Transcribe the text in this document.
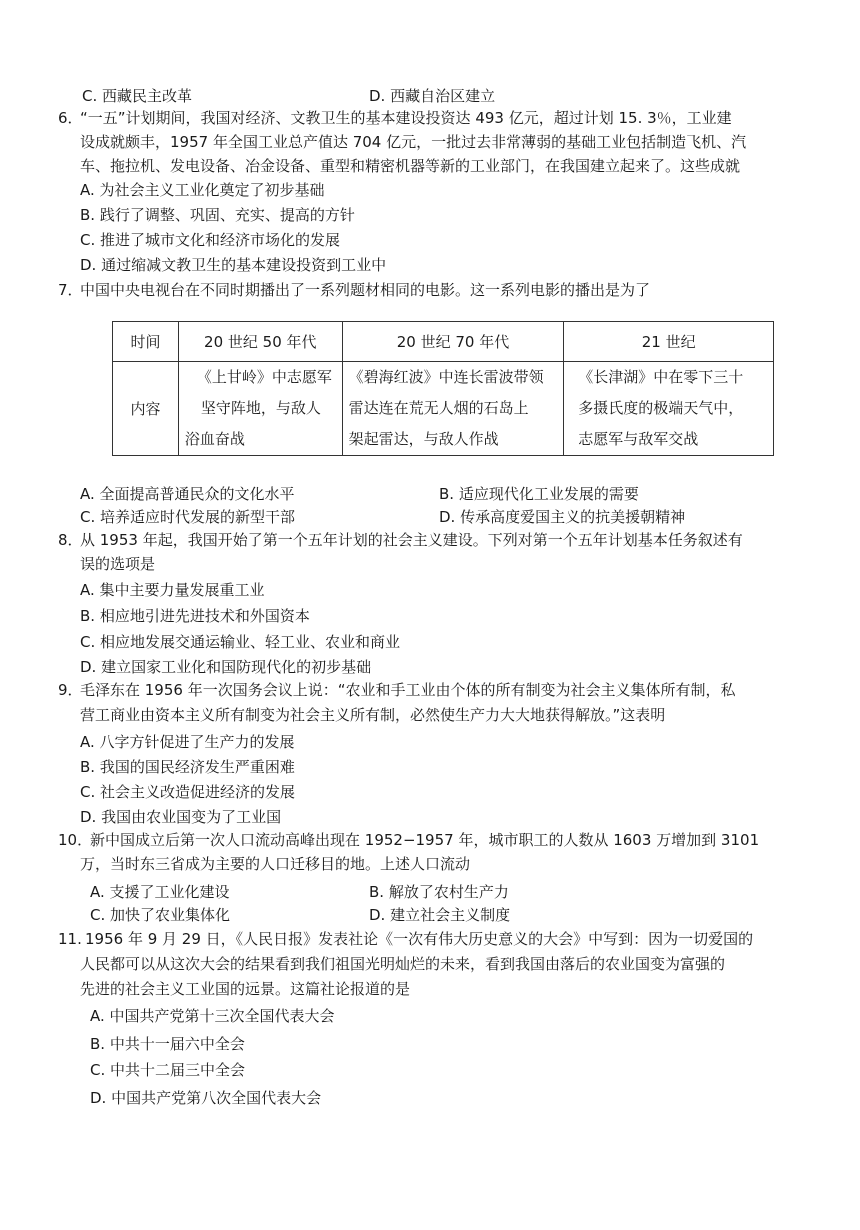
C. 西藏民主改革	D. 西藏自治区建立
6．
“一五”计划期间，我国对经济、文教卫生的基本建设投资达 493 亿元，超过计划 15. 3％，工业建
设成就颇丰，1957 年全国工业总产值达 704 亿元，一批过去非常薄弱的基础工业包括制造飞机、汽
车、拖拉机、发电设备、冶金设备、重型和精密机器等新的工业部门，在我国建立起来了。这些成就
A. 为社会主义工业化奠定了初步基础
B. 践行了调整、巩固、充实、提高的方针
C. 推进了城市文化和经济市场化的发展
D. 通过缩减文教卫生的基本建设投资到工业中
7．
中国中央电视台在不同时期播出了一系列题材相同的电影。这一系列电影的播出是为了
时间	20 世纪 50 年代	20 世纪 70 年代	21 世纪
内容	《上甘岭》中志愿军
坚守阵地，与敌人
浴血奋战	《碧海红波》中连长雷波带领
雷达连在荒无人烟的石岛上
架起雷达，与敌人作战	《长津湖》中在零下三十
多摄氏度的极端天气中，
志愿军与敌军交战
A. 全面提高普通民众的文化水平	B. 适应现代化工业发展的需要
C. 培养适应时代发展的新型干部	D. 传承高度爱国主义的抗美援朝精神
8．
从 1953 年起，我国开始了第一个五年计划的社会主义建设。下列对第一个五年计划基本任务叙述有
误的选项是
A. 集中主要力量发展重工业
B. 相应地引进先进技术和外国资本
C. 相应地发展交通运输业、轻工业、农业和商业
D. 建立国家工业化和国防现代化的初步基础
9．
毛泽东在 1956 年一次国务会议上说：“农业和手工业由个体的所有制变为社会主义集体所有制，私
营工商业由资本主义所有制变为社会主义所有制，必然使生产力大大地获得解放。”这表明
A. 八字方针促进了生产力的发展
B. 我国的国民经济发生严重困难
C. 社会主义改造促进经济的发展
D. 我国由农业国变为了工业国
10．
新中国成立后第一次人口流动高峰出现在 1952−1957 年，城市职工的人数从 1603 万增加到 3101
万，当时东三省成为主要的人口迁移目的地。上述人口流动
A. 支援了工业化建设	B. 解放了农村生产力
C. 加快了农业集体化	D. 建立社会主义制度
11. 1956 年 9 月 29 日，《人民日报》发表社论《一次有伟大历史意义的大会》中写到：因为一切爱国的
人民都可以从这次大会的结果看到我们祖国光明灿烂的未来，看到我国由落后的农业国变为富强的
先进的社会主义工业国的远景。这篇社论报道的是
A. 中国共产党第十三次全国代表大会
B. 中共十一届六中全会
C. 中共十二届三中全会
D. 中国共产党第八次全国代表大会
